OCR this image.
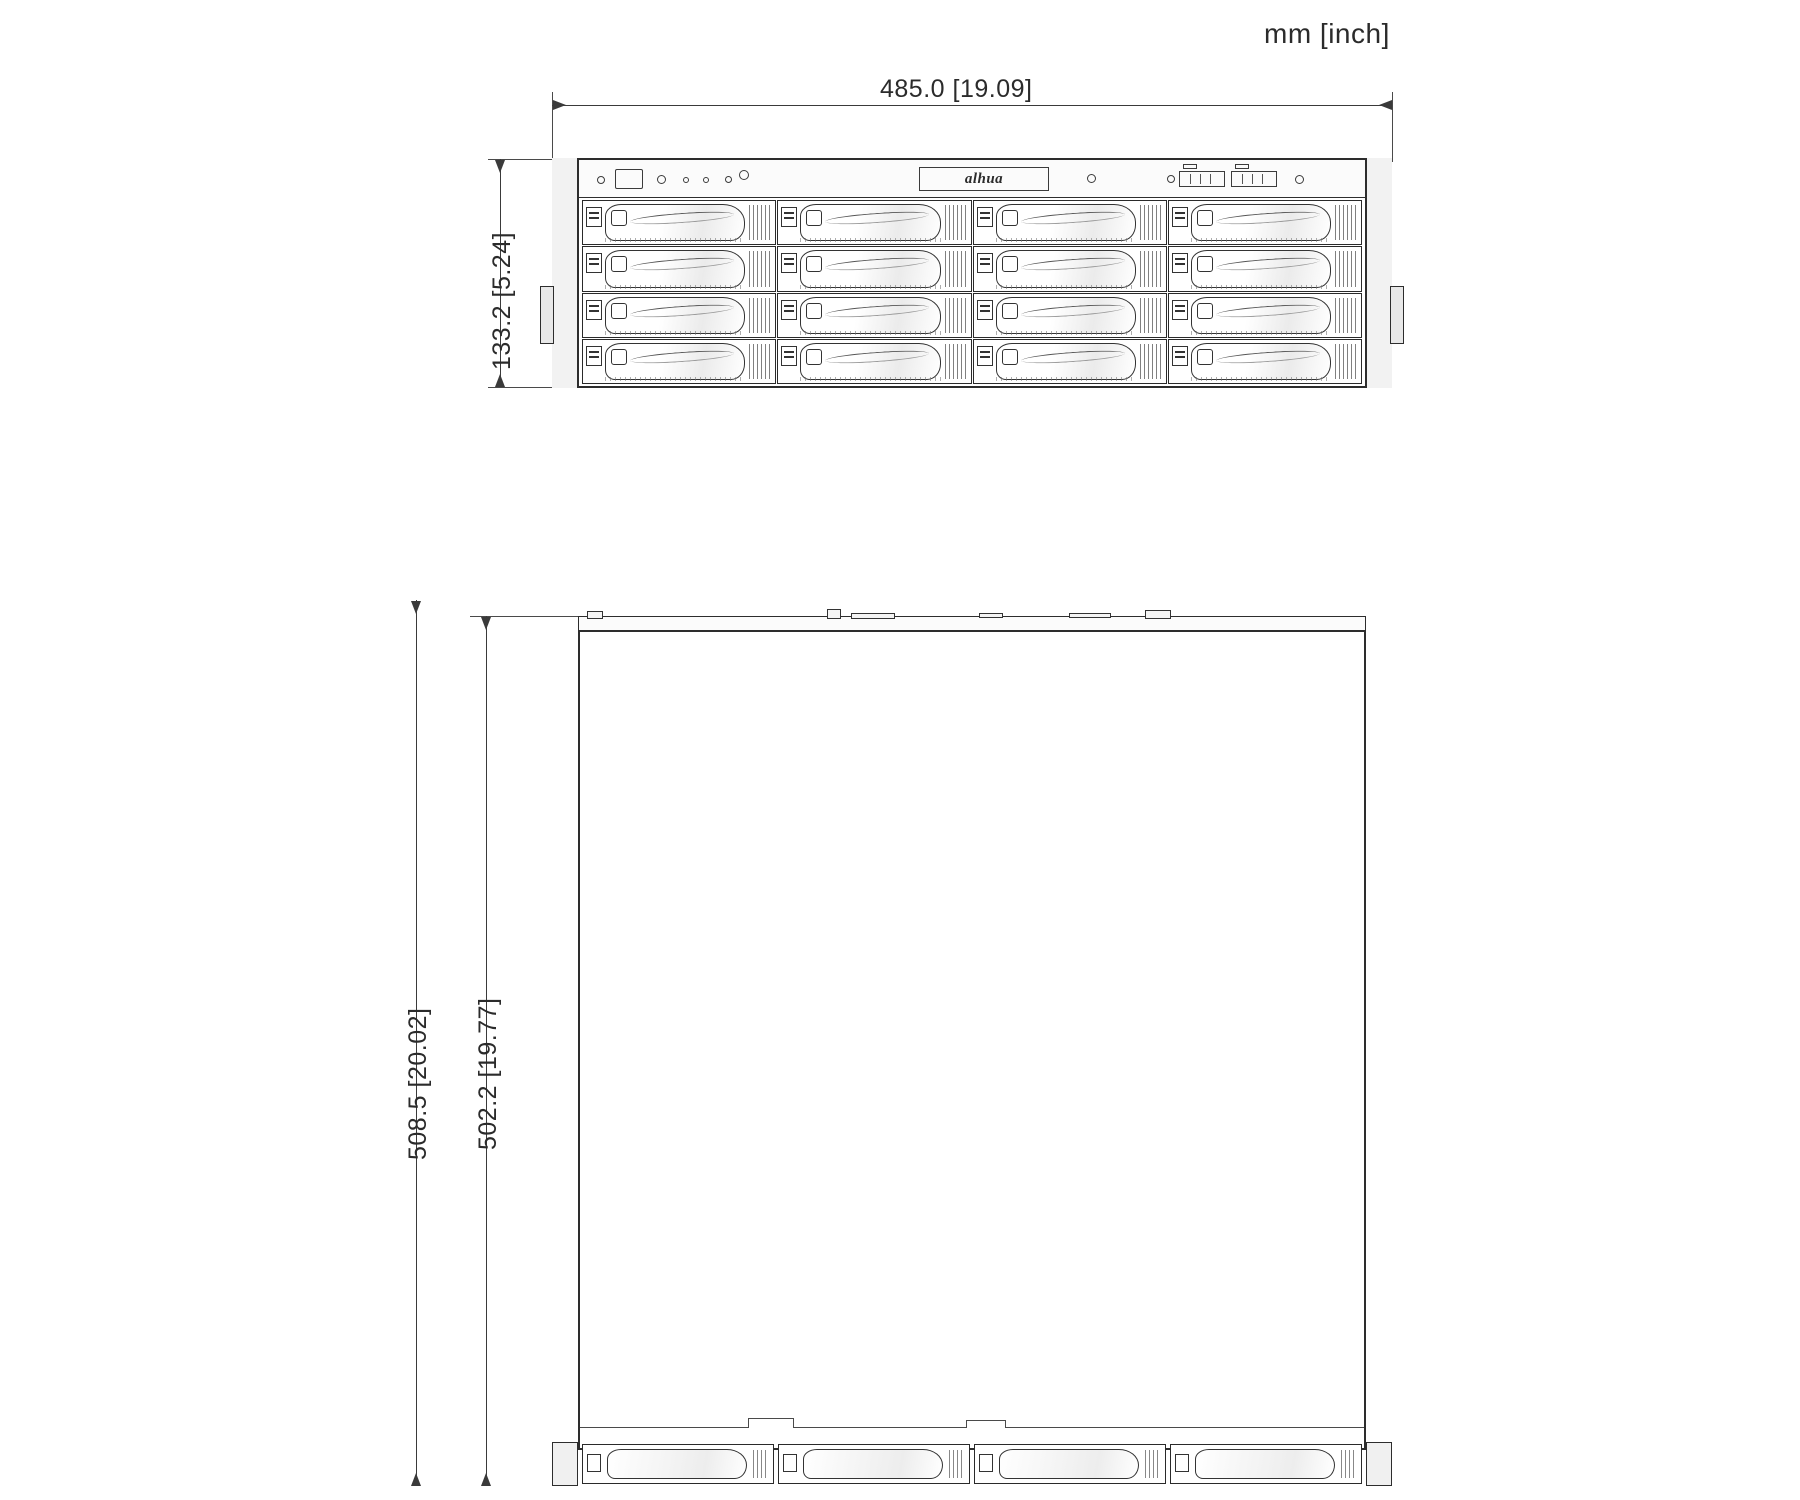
mm [inch]
485.0 [19.09]
133.2 [5.24]
alhua
508.5 [20.02] 502.2 [19.77]
